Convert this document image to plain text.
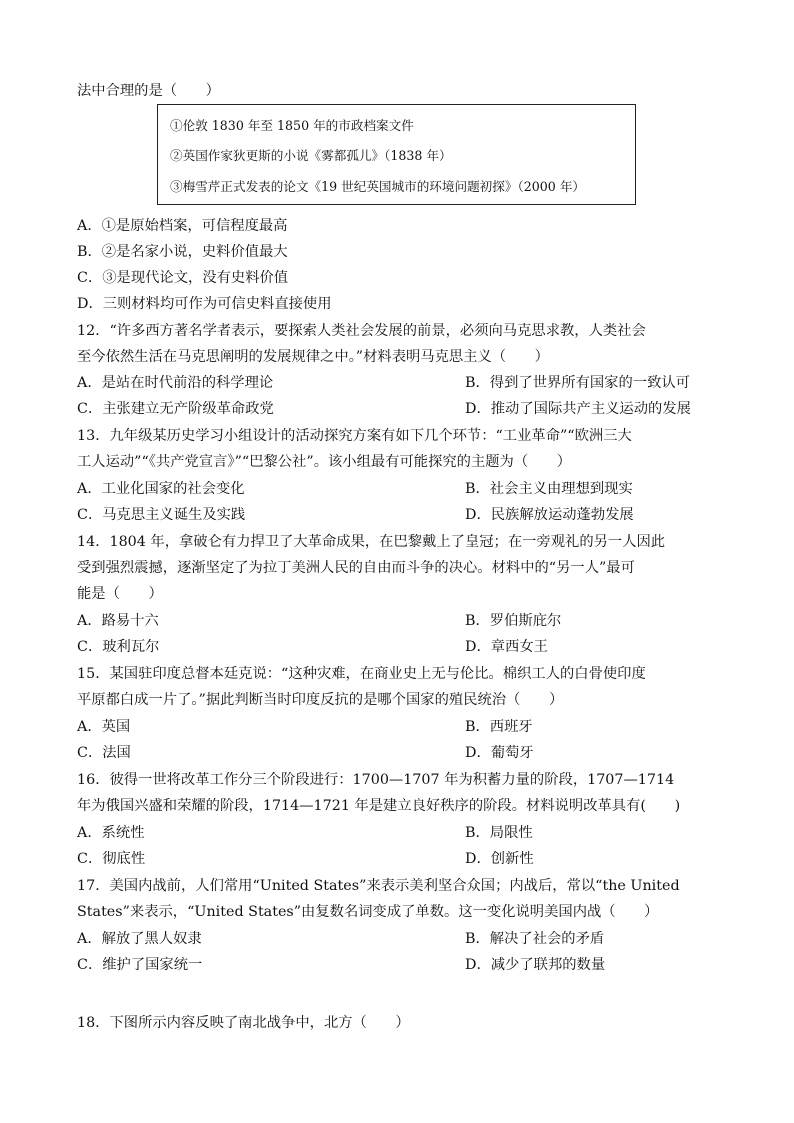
法中合理的是（　　）
①伦敦 1830 年至 1850 年的市政档案文件
②英国作家狄更斯的小说《雾都孤儿》（1838 年）
③梅雪芹正式发表的论文《19 世纪英国城市的环境问题初探》（2000 年）
A．①是原始档案，可信程度最高
B．②是名家小说，史料价值最大
C．③是现代论文，没有史料价值
D．三则材料均可作为可信史料直接使用
12．“许多西方著名学者表示，要探索人类社会发展的前景，必须向马克思求教，人类社会
至今依然生活在马克思阐明的发展规律之中。”材料表明马克思主义（　　）
A．是站在时代前沿的科学理论	B．得到了世界所有国家的一致认可
C．主张建立无产阶级革命政党	D．推动了国际共产主义运动的发展
13．九年级某历史学习小组设计的活动探究方案有如下几个环节：“工业革命”“欧洲三大
工人运动”“《共产党宣言》”“巴黎公社”。该小组最有可能探究的主题为（　　）
A．工业化国家的社会变化	B．社会主义由理想到现实
C．马克思主义诞生及实践	D．民族解放运动蓬勃发展
14．1804 年，拿破仑有力捍卫了大革命成果，在巴黎戴上了皇冠；在一旁观礼的另一人因此
受到强烈震撼，逐渐坚定了为拉丁美洲人民的自由而斗争的决心。材料中的“另一人”最可
能是（　　）
A．路易十六	B．罗伯斯庇尔
C．玻利瓦尔	D．章西女王
15．某国驻印度总督本廷克说：“这种灾难，在商业史上无与伦比。棉织工人的白骨使印度
平原都白成一片了。”据此判断当时印度反抗的是哪个国家的殖民统治（　　）
A．英国	B．西班牙
C．法国	D．葡萄牙
16．彼得一世将改革工作分三个阶段进行：1700—1707 年为积蓄力量的阶段，1707—1714
年为俄国兴盛和荣耀的阶段，1714—1721 年是建立良好秩序的阶段。材料说明改革具有(　　)
A．系统性	B．局限性
C．彻底性	D．创新性
17．美国内战前，人们常用“United States”来表示美利坚合众国；内战后，常以“the United
States”来表示，“United States”由复数名词变成了单数。这一变化说明美国内战（　　）
A．解放了黑人奴隶	B．解决了社会的矛盾
C．维护了国家统一	D．减少了联邦的数量
18．下图所示内容反映了南北战争中，北方（　　）
